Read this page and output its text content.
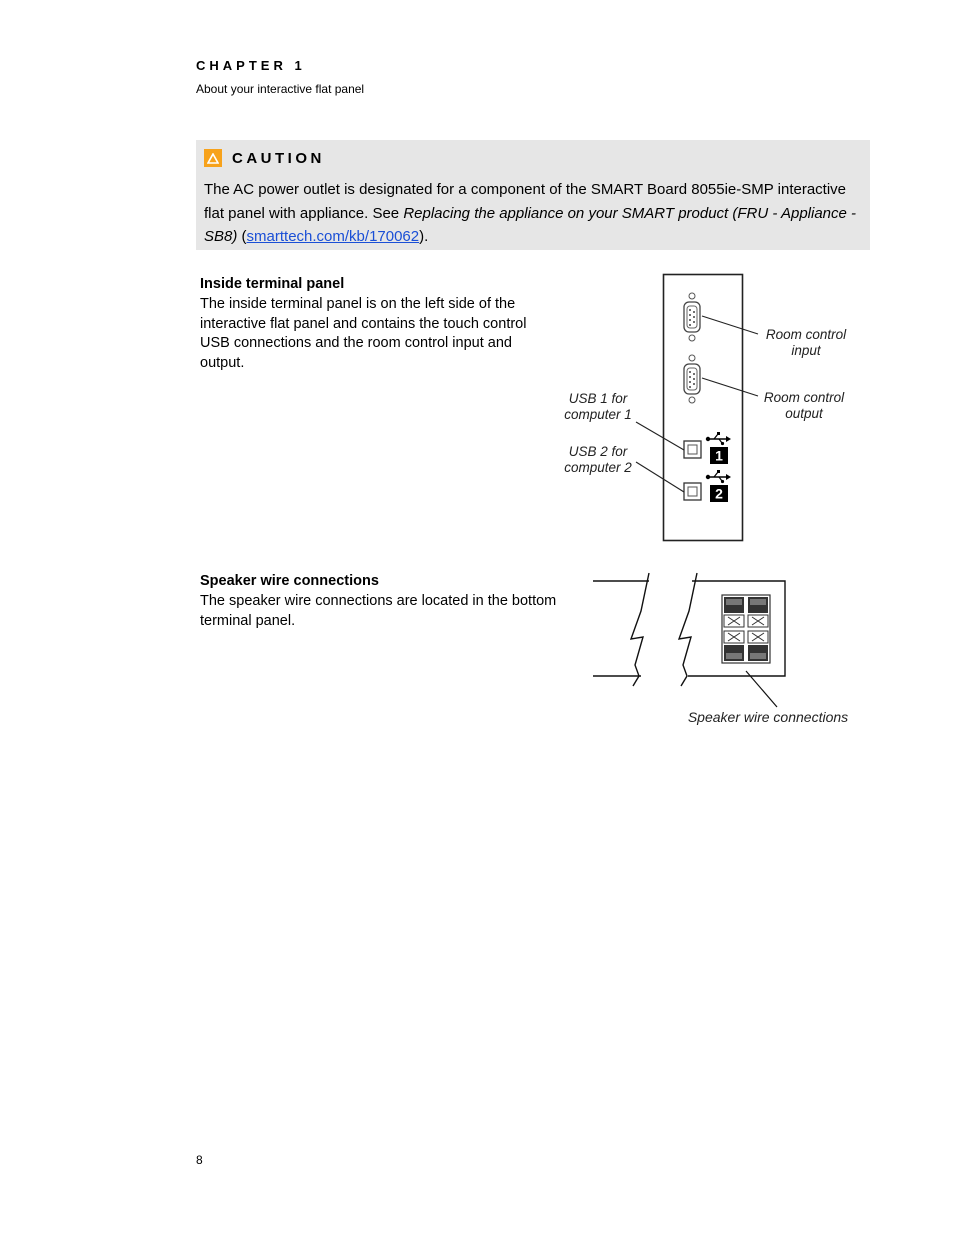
CHAPTER 1
About your interactive flat panel
CAUTION
The AC power outlet is designated for a component of the SMART Board 8055ie-SMP interactive flat panel with appliance. See Replacing the appliance on your SMART product (FRU - Appliance - SB8) (smarttech.com/kb/170062).
Inside terminal panel

The inside terminal panel is on the left side of the interactive flat panel and contains the touch control USB connections and the room control input and output.

Speaker wire connections

The speaker wire connections are located in the bottom terminal panel.

1
2
Room control
input
Room control
output
USB 1 for
computer 1
USB 2 for
computer 2
Speaker wire connections
8
